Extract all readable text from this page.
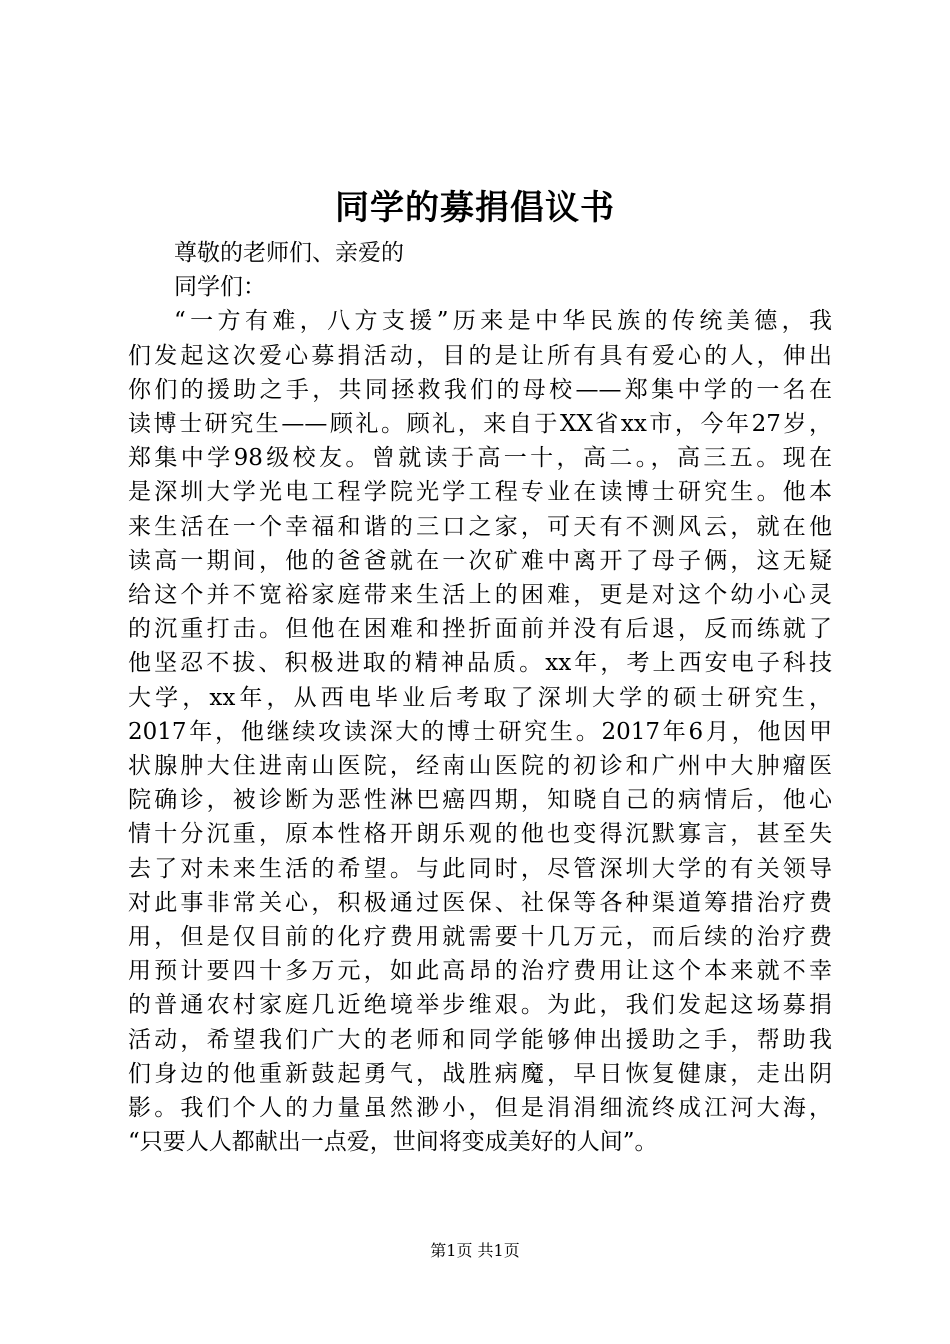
同学的募捐倡议书
尊敬的老师们、亲爱的
同学们：
“一方有难，八方支援”历来是中华民族的传统美德，我
们发起这次爱心募捐活动，目的是让所有具有爱心的人，伸出
你们的援助之手，共同拯救我们的母校——郑集中学的一名在
读博士研究生——顾礼。顾礼，来自于XX省xx市，今年27岁，
郑集中学98级校友。曾就读于高一十，高二。，高三五。现在
是深圳大学光电工程学院光学工程专业在读博士研究生。他本
来生活在一个幸福和谐的三口之家，可天有不测风云，就在他
读高一期间，他的爸爸就在一次矿难中离开了母子俩，这无疑
给这个并不宽裕家庭带来生活上的困难，更是对这个幼小心灵
的沉重打击。但他在困难和挫折面前并没有后退，反而练就了
他坚忍不拔、积极进取的精神品质。xx年，考上西安电子科技
大学，xx年，从西电毕业后考取了深圳大学的硕士研究生，
2017年，他继续攻读深大的博士研究生。2017年6月，他因甲
状腺肿大住进南山医院，经南山医院的初诊和广州中大肿瘤医
院确诊，被诊断为恶性淋巴癌四期，知晓自己的病情后，他心
情十分沉重，原本性格开朗乐观的他也变得沉默寡言，甚至失
去了对未来生活的希望。与此同时，尽管深圳大学的有关领导
对此事非常关心，积极通过医保、社保等各种渠道筹措治疗费
用，但是仅目前的化疗费用就需要十几万元，而后续的治疗费
用预计要四十多万元，如此高昂的治疗费用让这个本来就不幸
的普通农村家庭几近绝境举步维艰。为此，我们发起这场募捐
活动，希望我们广大的老师和同学能够伸出援助之手，帮助我
们身边的他重新鼓起勇气，战胜病魔，早日恢复健康，走出阴
影。我们个人的力量虽然渺小，但是涓涓细流终成江河大海，
“只要人人都献出一点爱，世间将变成美好的人间”。
第1页 共1页
